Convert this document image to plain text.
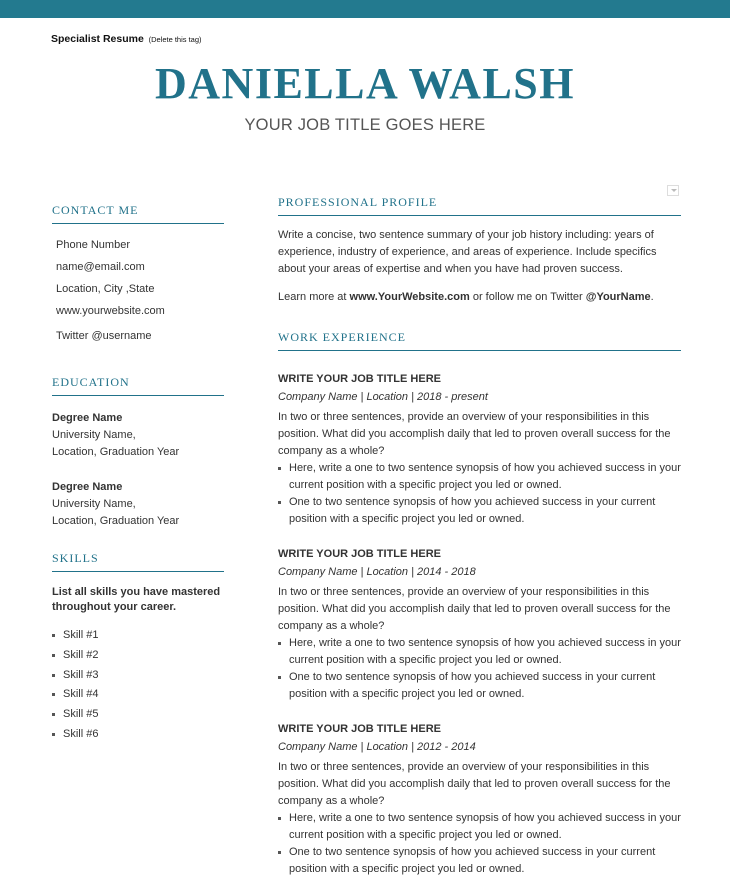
Specialist Resume (Delete this tag)
DANIELLA WALSH
YOUR JOB TITLE GOES HERE
CONTACT ME
Phone Number
name@email.com
Location, City ,State
www.yourwebsite.com
Twitter @username
EDUCATION
Degree Name
University Name,
Location, Graduation Year
Degree Name
University Name,
Location, Graduation Year
SKILLS
List all skills you have mastered throughout your career.
Skill #1
Skill #2
Skill #3
Skill #4
Skill #5
Skill #6
PROFESSIONAL PROFILE
Write a concise, two sentence summary of your job history including: years of experience, industry of experience, and areas of experience. Include specifics about your areas of expertise and when you have had proven success.
Learn more at www.YourWebsite.com or follow me on Twitter @YourName.
WORK EXPERIENCE
WRITE YOUR JOB TITLE HERE
Company Name | Location | 2018 - present
In two or three sentences, provide an overview of your responsibilities in this position. What did you accomplish daily that led to proven overall success for the company as a whole?
Here, write a one to two sentence synopsis of how you achieved success in your current position with a specific project you led or owned.
One to two sentence synopsis of how you achieved success in your current position with a specific project you led or owned.
WRITE YOUR JOB TITLE HERE
Company Name | Location | 2014 - 2018
In two or three sentences, provide an overview of your responsibilities in this position. What did you accomplish daily that led to proven overall success for the company as a whole?
Here, write a one to two sentence synopsis of how you achieved success in your current position with a specific project you led or owned.
One to two sentence synopsis of how you achieved success in your current position with a specific project you led or owned.
WRITE YOUR JOB TITLE HERE
Company Name | Location | 2012 - 2014
In two or three sentences, provide an overview of your responsibilities in this position. What did you accomplish daily that led to proven overall success for the company as a whole?
Here, write a one to two sentence synopsis of how you achieved success in your current position with a specific project you led or owned.
One to two sentence synopsis of how you achieved success in your current position with a specific project you led or owned.
